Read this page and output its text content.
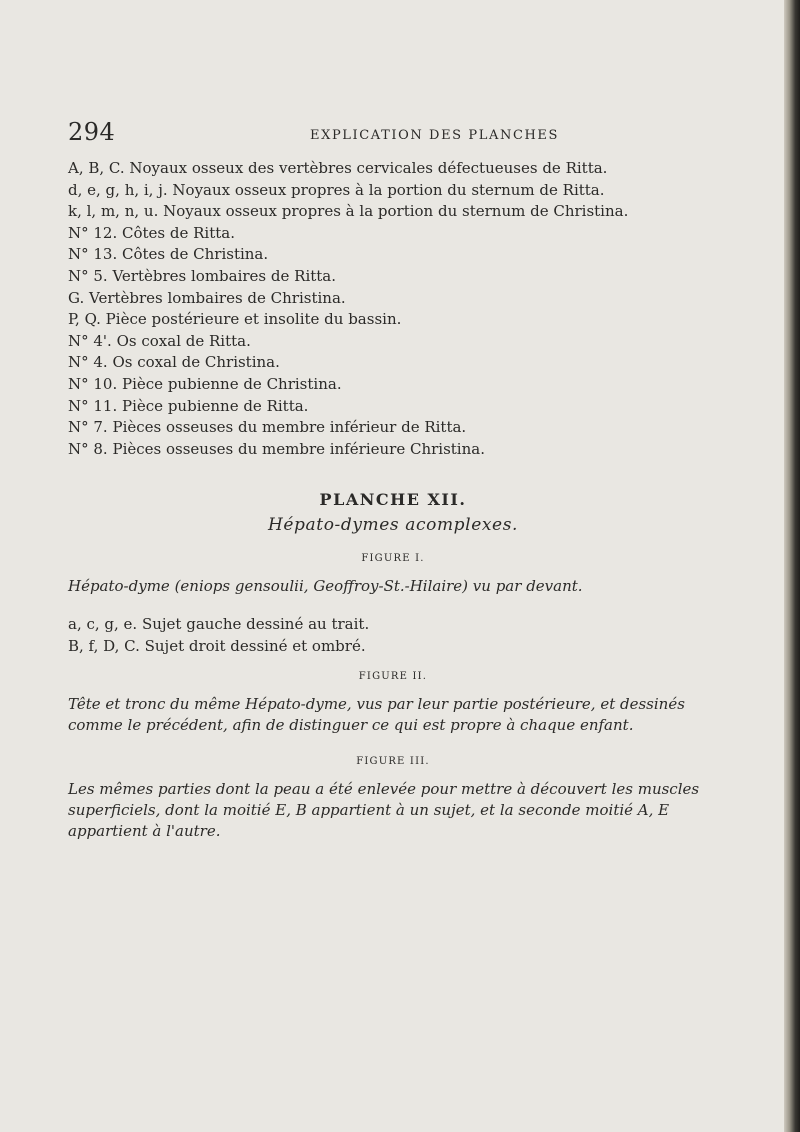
294	EXPLICATION DES PLANCHES
A, B, C. Noyaux osseux des vertèbres cervicales défectueuses de Ritta.
d, e, g, h, i, j. Noyaux osseux propres à la portion du sternum de Ritta.
k, l, m, n, u. Noyaux osseux propres à la portion du sternum de Christina.
N° 12. Côtes de Ritta.
N° 13. Côtes de Christina.
N° 5. Vertèbres lombaires de Ritta.
G. Vertèbres lombaires de Christina.
P, Q. Pièce postérieure et insolite du bassin.
N° 4'. Os coxal de Ritta.
N° 4. Os coxal de Christina.
N° 10. Pièce pubienne de Christina.
N° 11. Pièce pubienne de Ritta.
N° 7. Pièces osseuses du membre inférieur de Ritta.
N° 8. Pièces osseuses du membre inférieure Christina.
PLANCHE XII.
Hépato-dymes acomplexes.
FIGURE I.

Hépato-dyme (eniops gensoulii, Geoffroy-St.-Hilaire) vu par devant.

a, c, g, e. Sujet gauche dessiné au trait.

B, f, D, C. Sujet droit dessiné et ombré.

FIGURE II.

Tête et tronc du même Hépato-dyme, vus par leur partie postérieure, et dessinés comme le précédent, afin de distinguer ce qui est propre à chaque enfant.

FIGURE III.

Les mêmes parties dont la peau a été enlevée pour mettre à découvert les muscles superficiels, dont la moitié E, B appartient à un sujet, et la seconde moitié A, E appartient à l'autre.
